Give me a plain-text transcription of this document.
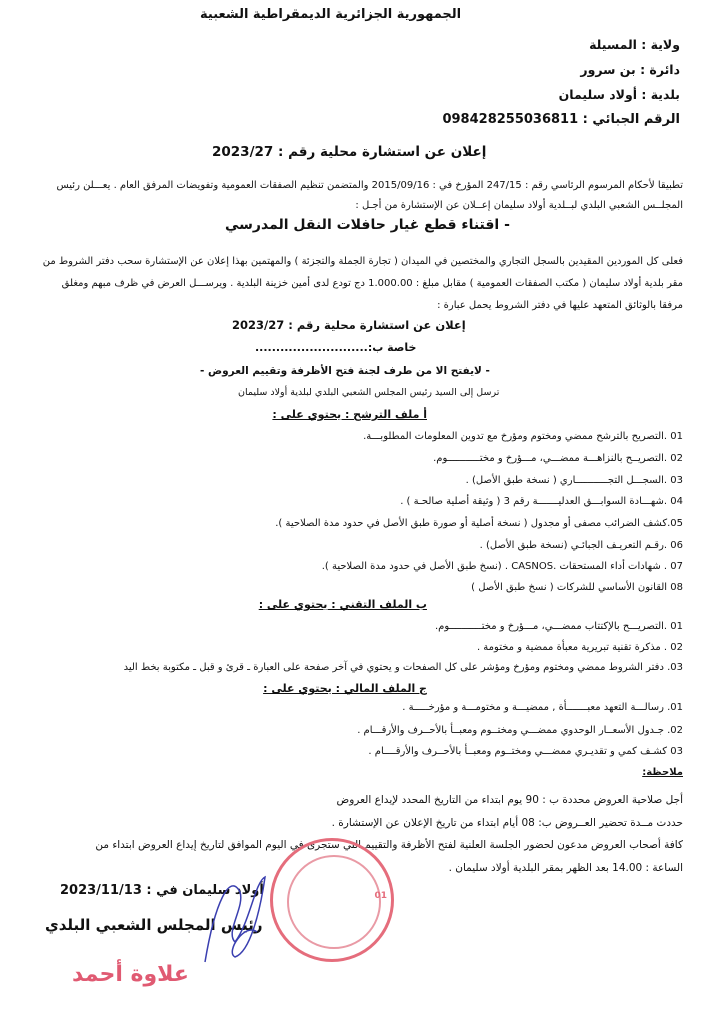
الجمهورية الجزائرية الديمقراطية الشعبية
ولاية : المسيلة
دائرة : بن سرور
بلدية : أولاد سليمان
الرقم الجبائي : 098428255036811
إعلان عن استشارة محلية رقم : 2023/27
تطبيقا لأحكام المرسوم الرئاسي رقم : 247/15 المؤرخ في : 2015/09/16 والمتضمن تنظيم الصفقات العمومية وتفويضات المرفق العام . يعـــلن رئيس
المجلــس الشعبي البلدي لبــلدية أولاد سليمان إعــلان عن الإستشارة من أجـل :
- اقتناء قطع غيار حافلات النقل المدرسي
فعلى كل الموردين المقيدين بالسجل التجاري والمختصين في الميدان ( تجارة الجملة والتجزئة ) والمهتمين بهذا إعلان عن الإستشارة سحب دفتر الشروط من
مقر بلدية أولاد سليمان ( مكتب الصفقات العمومية ) مقابل مبلغ : 1.000.00 دج تودع لدى أمين خزينة البلدية . ويرســـل العرض في ظرف مبهم ومغلق
مرفقا بالوثائق المتعهد عليها في دفتر الشروط يحمل عبارة :
إعلان عن استشارة محلية رقم : 2023/27
خاصة ب:...........................
- لايفتح الا من طرف لجنة فتح الأظرفة وتقييم العروض -
ترسل إلى السيد رئيس المجلس الشعبي البلدي لبلدية أولاد سليمان
أ ملف الترشح : يحتوي على :
01 .التصريح بالترشح ممضي ومختوم ومؤرخ مع تدوين المعلومات المطلوبـــة.
02 .التصريــح بالنزاهـــة ممضـــي، مـــؤرخ و مختـــــــــــوم.
03 .السجـــل التجـــــــــــاري ( نسخة طبق الأصل) .
04 .شهـــادة السوابـــق العدليـــــــة رقم 3 ( وثيقة أصلية صالحـة ) .
05.كشف الضرائب مصفى أو مجدول ( نسخة أصلية أو صورة طبق الأصل في حدود مدة الصلاحية ).
06 .رقـم التعريـف الجبائـي (نسخة طبق الأصل) .
07 . شهادات أداء المستحقات .CASNOS . (نسخ طبق الأصل في حدود مدة الصلاحية ).
08 القانون الأساسي للشركات ( نسخ طبق الأصل )
ب الملف التقني : يحتوي على :
01 .التصريـــح بالإكتتاب ممضـــي، مـــؤرخ و مختـــــــــــوم.
02 . مذكرة تقنية تبريرية معبأة ممضية و مختومة .
03. دفتر الشروط ممضي ومختوم ومؤرخ ومؤشر على كل الصفحات و يحتوي في آخر صفحة على العبارة ـ قرئ و قبل ـ مكتوبة بخط اليد
ج الملف المالي : يحتوي على :
01. رسالـــة التعهد معبـــــــأة , ممضيـــة و مختومـــة و مؤرخـــــة .
02. جـدول الأسعــار الوحدوي ممضـــي ومختــوم ومعبــأ بالأحــرف والأرقـــام .
03 كشـف كمي و تقديـري ممضـــي ومختــوم ومعبــأ بالأحــرف والأرقــــام .
ملاحظة:
أجل صلاحية العروض محددة ب : 90 يوم ابتداء من التاريخ المحدد لإيداع العروض
حددت مــدة تحضير العــروض ب: 08 أيام ابتداء من تاريخ الإعلان عن الإستشارة .
كافة أصحاب العروض مدعون لحضور الجلسة العلنية لفتح الأظرفة والتقييم التي ستجرى في اليوم الموافق لتاريخ إيداع العروض ابتداء من
الساعة : 14.00 بعد الظهر بمقر البلدية أولاد سليمان .
01
أولاد سليمان في : 2023/11/13
رئيس المجلس الشعبي البلدي
علاوة أحمد
